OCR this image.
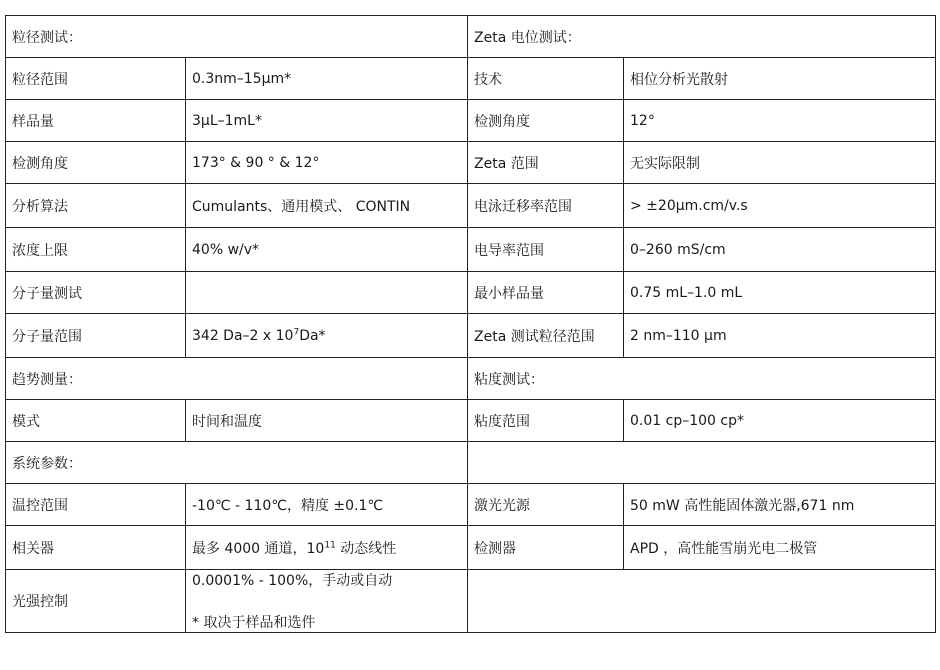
粒径测试：		Zeta 电位测试：	
粒径范围	0.3nm–15μm*	技术	相位分析光散射
样品量	3μL–1mL*	检测角度	12°
检测角度	173° & 90 ° & 12°	Zeta 范围	无实际限制
分析算法	Cumulants、通用模式、 CONTIN	电泳迁移率范围	> ±20μm.cm/v.s
浓度上限	40% w/v*	电导率范围	0–260 mS/cm
分子量测试		最小样品量	0.75 mL–1.0 mL
分子量范围	342 Da–2 x $10^7Da*$	Zeta 测试粒径范围	2 nm–110 μm
趋势测量：		粘度测试：	
模式	时间和温度	粘度范围	0.01 cp–100 cp*
系统参数：			
温控范围	-10℃ - 110℃，精度 ±0.1℃	激光光源	50 mW 高性能固体激光器,671 nm
相关器	最多 4000 通道，$10^{11}$ 动态线性	检测器	APD ，高性能雪崩光电二极管
光强控制	0.0001% - 100%，手动或自动
* 取决于样品和选件		
